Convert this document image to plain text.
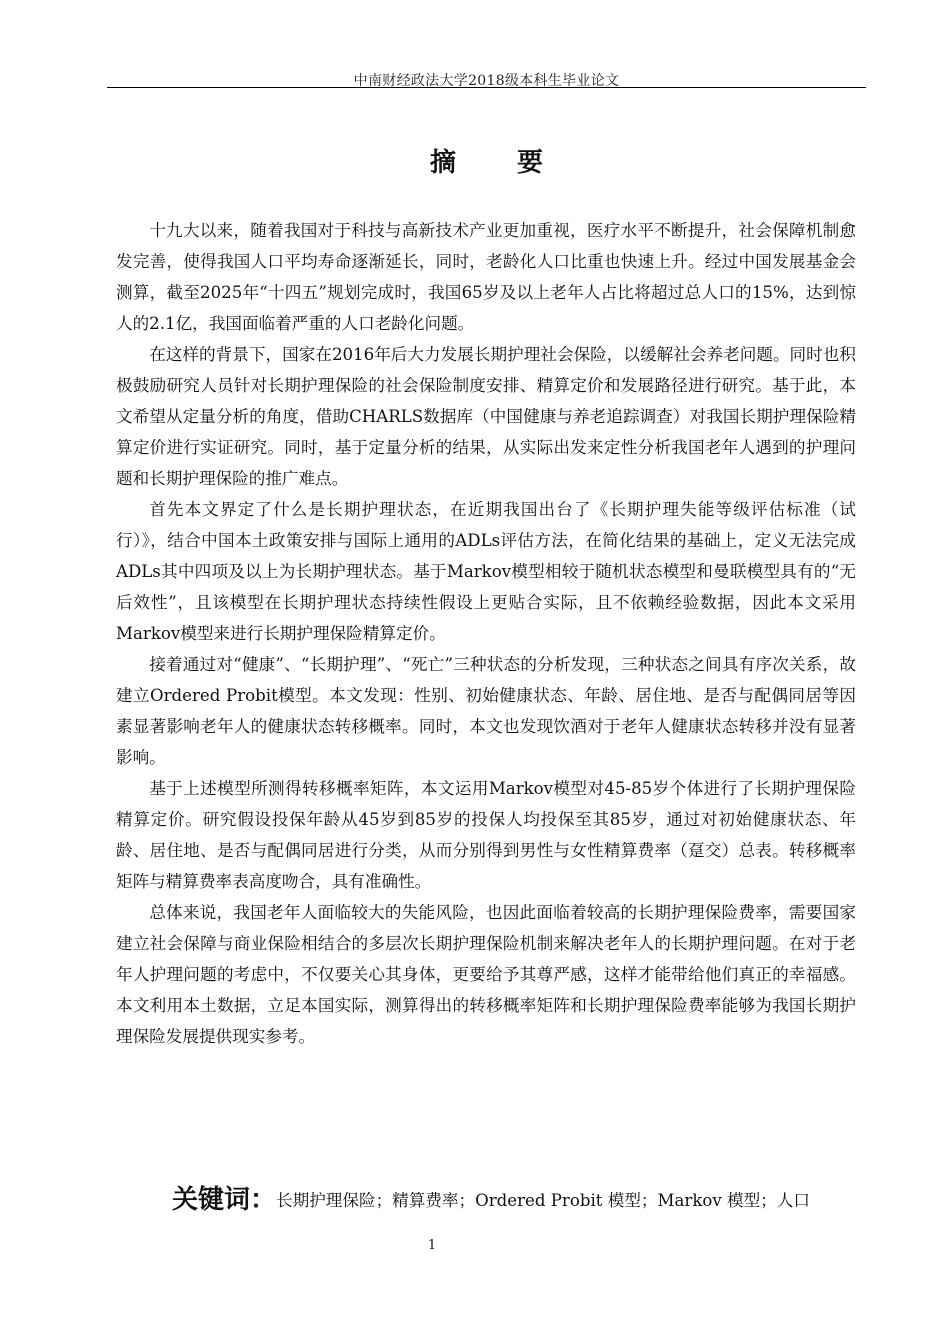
中南财经政法大学2018级本科生毕业论文
摘 要

十九大以来，随着我国对于科技与高新技术产业更加重视，医疗水平不断提升，社会保障机制愈发完善，使得我国人口平均寿命逐渐延长，同时，老龄化人口比重也快速上升。经过中国发展基金会测算，截至2025年“十四五”规划完成时，我国65岁及以上老年人占比将超过总人口的15%，达到惊人的2.1亿，我国面临着严重的人口老龄化问题。

在这样的背景下，国家在2016年后大力发展长期护理社会保险，以缓解社会养老问题。同时也积极鼓励研究人员针对长期护理保险的社会保险制度安排、精算定价和发展路径进行研究。基于此，本文希望从定量分析的角度，借助CHARLS数据库（中国健康与养老追踪调查）对我国长期护理保险精算定价进行实证研究。同时，基于定量分析的结果，从实际出发来定性分析我国老年人遇到的护理问题和长期护理保险的推广难点。

首先本文界定了什么是长期护理状态，在近期我国出台了《长期护理失能等级评估标准（试行）》，结合中国本土政策安排与国际上通用的ADLs评估方法，在简化结果的基础上，定义无法完成ADLs其中四项及以上为长期护理状态。基于Markov模型相较于随机状态模型和曼联模型具有的“无后效性”，且该模型在长期护理状态持续性假设上更贴合实际，且不依赖经验数据，因此本文采用Markov模型来进行长期护理保险精算定价。

接着通过对“健康”、“长期护理”、“死亡”三种状态的分析发现，三种状态之间具有序次关系，故建立Ordered Probit模型。本文发现：性别、初始健康状态、年龄、居住地、是否与配偶同居等因素显著影响老年人的健康状态转移概率。同时，本文也发现饮酒对于老年人健康状态转移并没有显著影响。

基于上述模型所测得转移概率矩阵，本文运用Markov模型对45-85岁个体进行了长期护理保险精算定价。研究假设投保年龄从45岁到85岁的投保人均投保至其85岁，通过对初始健康状态、年龄、居住地、是否与配偶同居进行分类，从而分别得到男性与女性精算费率（趸交）总表。转移概率矩阵与精算费率表高度吻合，具有准确性。

总体来说，我国老年人面临较大的失能风险，也因此面临着较高的长期护理保险费率，需要国家建立社会保障与商业保险相结合的多层次长期护理保险机制来解决老年人的长期护理问题。在对于老年人护理问题的考虑中，不仅要关心其身体，更要给予其尊严感，这样才能带给他们真正的幸福感。本文利用本土数据，立足本国实际，测算得出的转移概率矩阵和长期护理保险费率能够为我国长期护理保险发展提供现实参考。

关键词：长期护理保险；精算费率；Ordered Probit 模型；Markov 模型；人口
1
